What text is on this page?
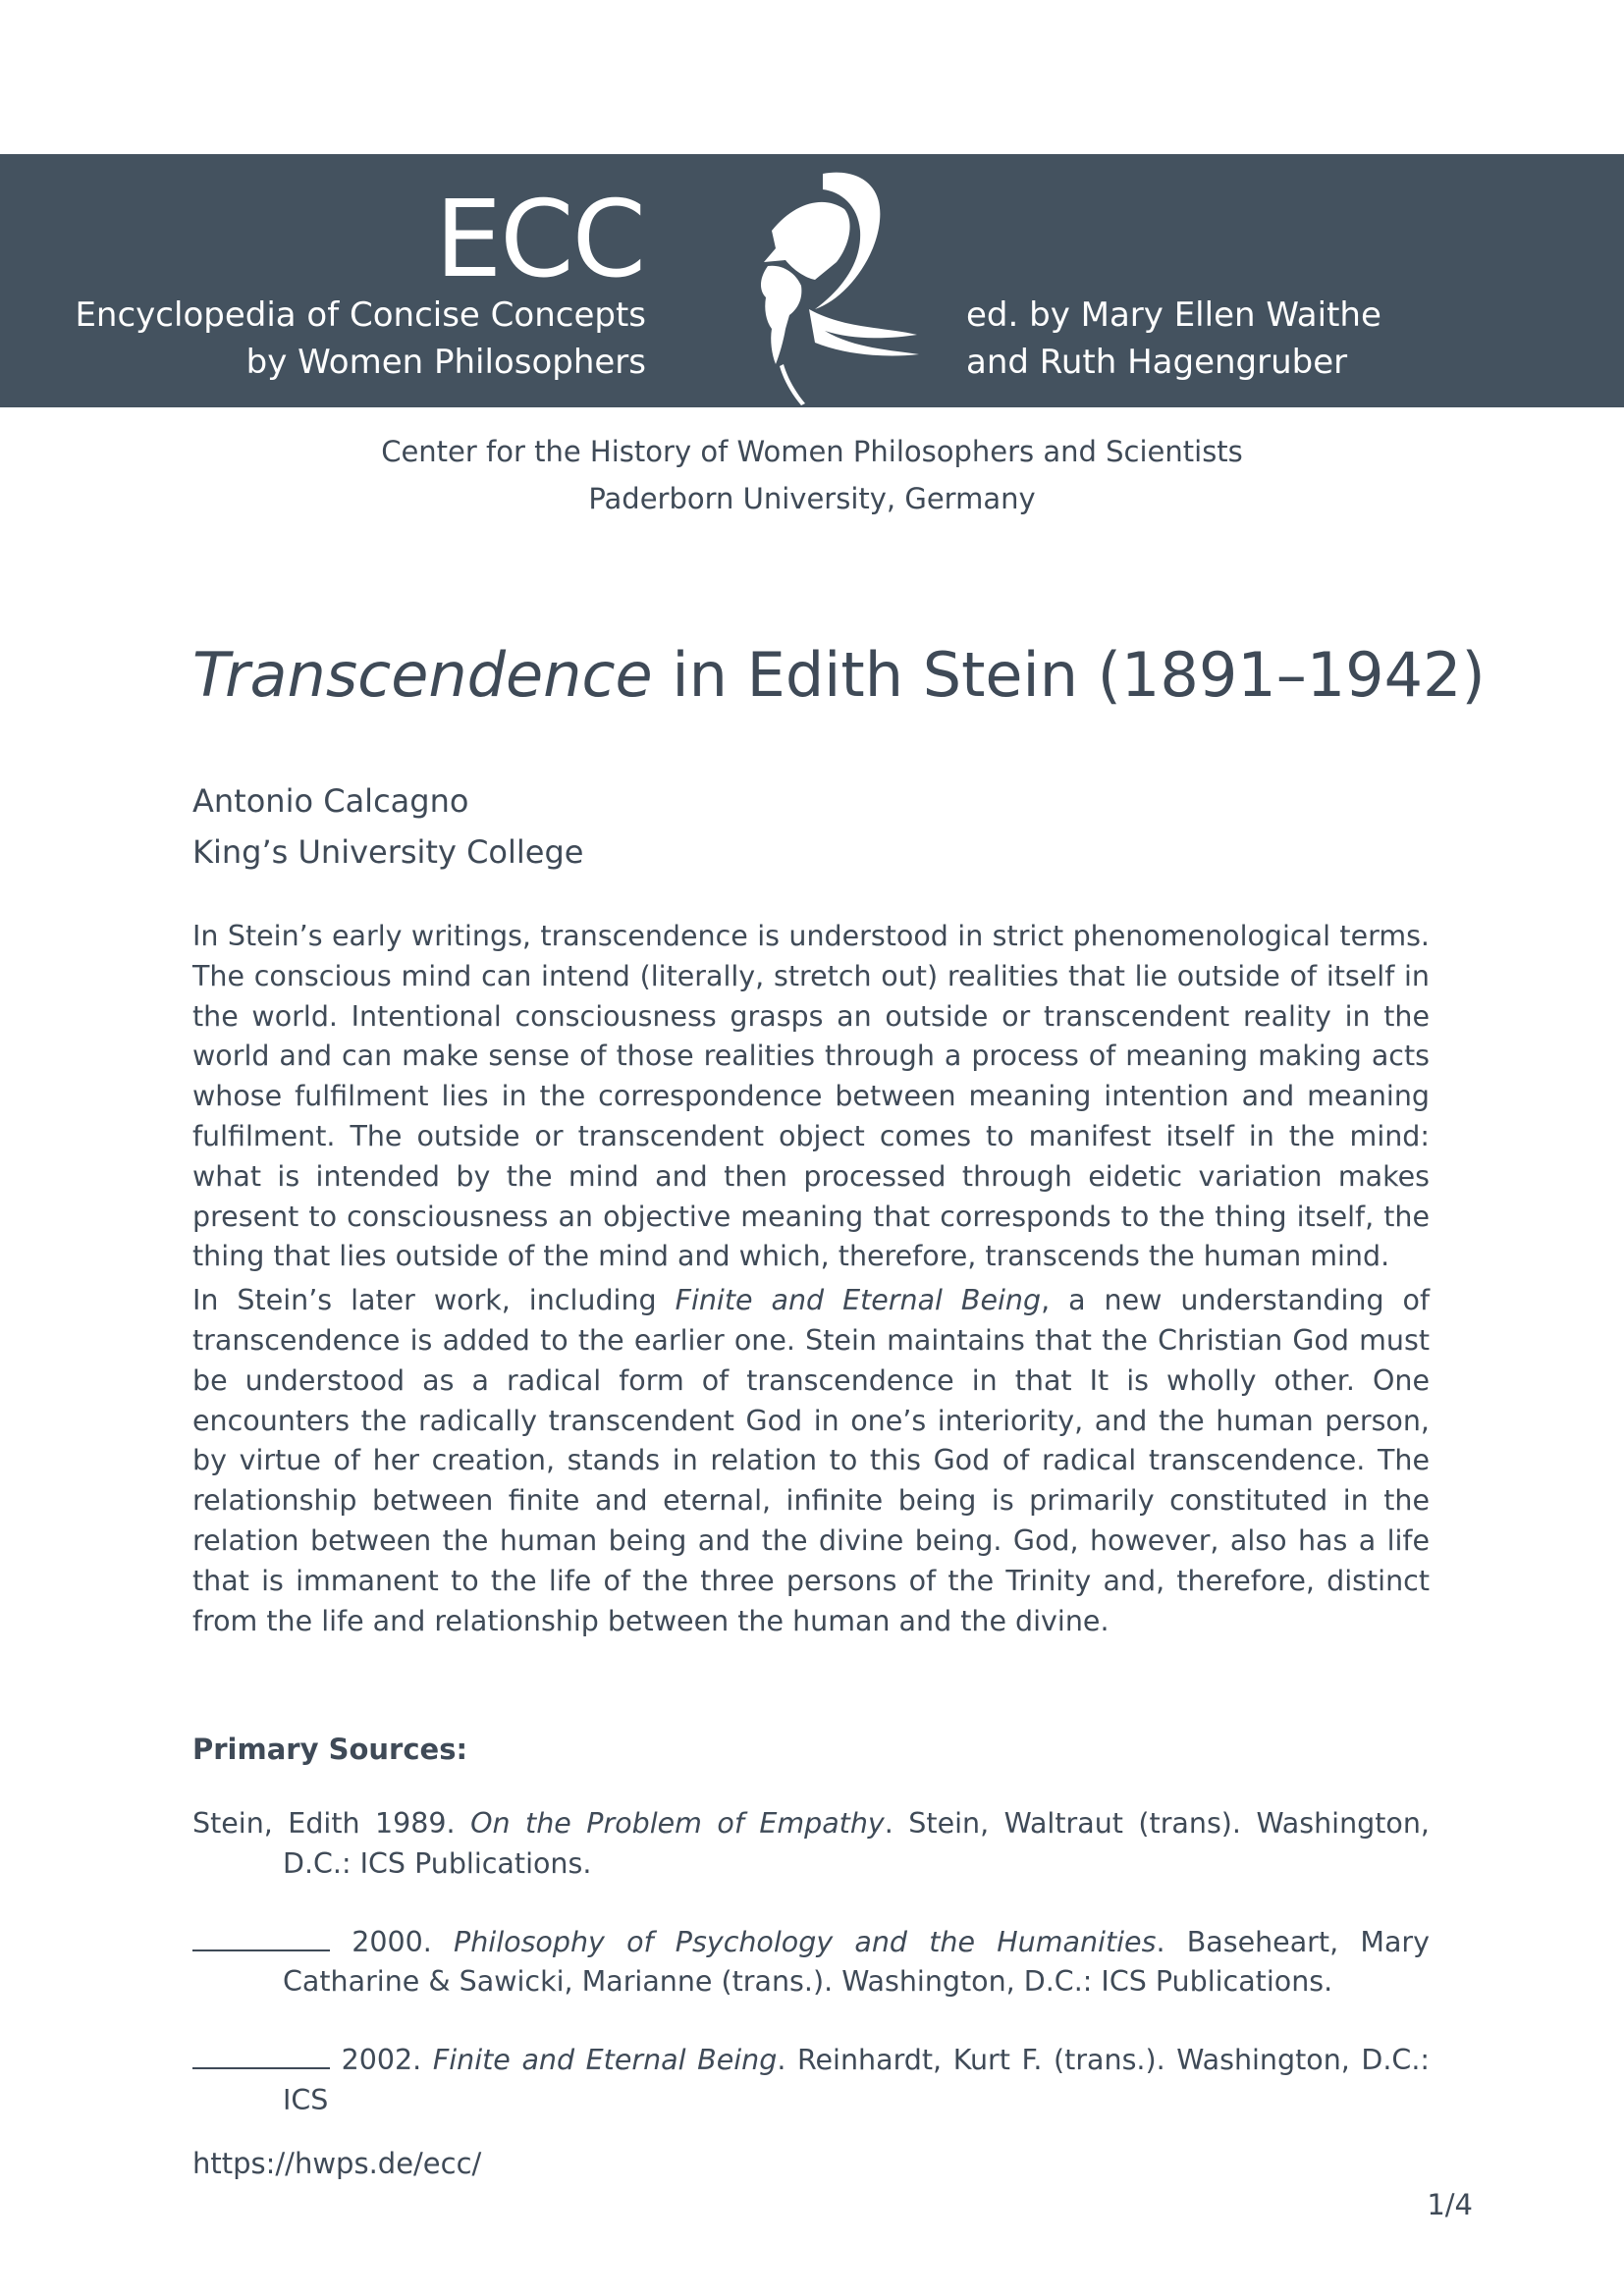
ECC
Encyclopedia of Concise Concepts
by Women Philosophers
ed. by Mary Ellen Waithe
and Ruth Hagengruber
Center for the History of Women Philosophers and Scientists
Paderborn University, Germany
Transcendence in Edith Stein (1891–1942)
Antonio Calcagno
King’s University College

In Stein’s early writings, transcendence is understood in strict phenomenological terms. The conscious mind can intend (literally, stretch out) realities that lie outside of itself in the world. Intentional consciousness grasps an outside or transcendent reality in the world and can make sense of those realities through a process of meaning making acts whose fulfilment lies in the correspondence between meaning intention and meaning fulfilment. The outside or transcendent object comes to manifest itself in the mind: what is intended by the mind and then processed through eidetic variation makes present to consciousness an objective meaning that corresponds to the thing itself, the thing that lies outside of the mind and which, therefore, transcends the human mind.

In Stein’s later work, including Finite and Eternal Being, a new understanding of transcendence is added to the earlier one. Stein maintains that the Christian God must be understood as a radical form of transcendence in that It is wholly other. One encounters the radically transcendent God in one’s interiority, and the human person, by virtue of her creation, stands in relation to this God of radical transcendence. The relationship between finite and eternal, infinite being is primarily constituted in the relation between the human being and the divine being. God, however, also has a life that is immanent to the life of the three persons of the Trinity and, therefore, distinct from the life and relationship between the human and the divine.

Primary Sources:
Stein, Edith 1989. On the Problem of Empathy. Stein, Waltraut (trans). Washington, D.C.: ICS Publications.
2000. Philosophy of Psychology and the Humanities. Baseheart, Mary Catharine & Sawicki, Marianne (trans.). Washington, D.C.: ICS Publications.
2002. Finite and Eternal Being. Reinhardt, Kurt F. (trans.). Washington, D.C.: ICS
https://hwps.de/ecc/
1/4
